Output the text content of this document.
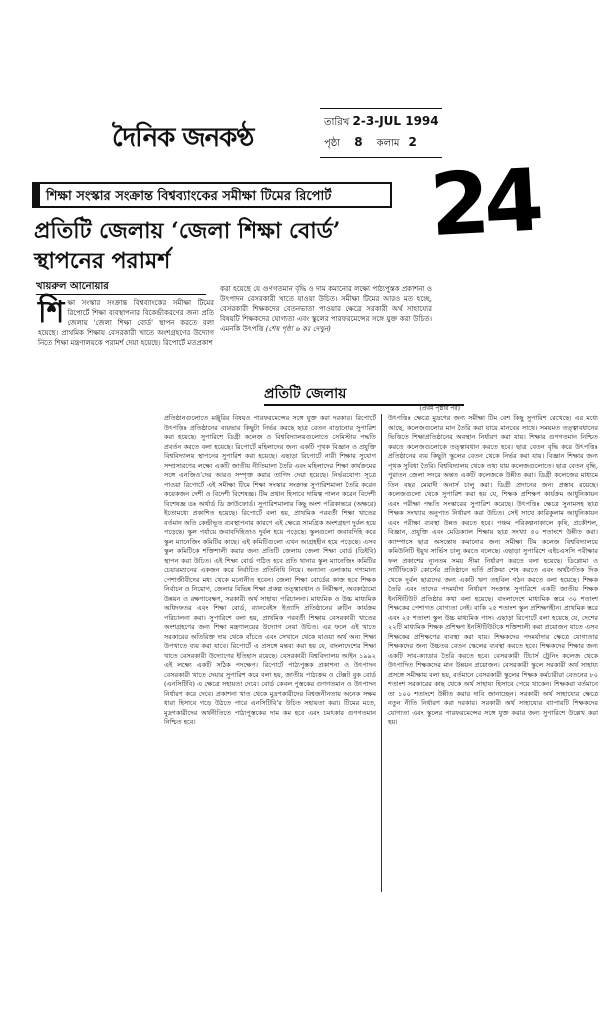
দৈনিক জনকণ্ঠ
তারিখ 2-3-JUL 1994
পৃষ্ঠা 8 কলাম 2
24
শিক্ষা সংস্কার সংক্রান্ত বিশ্বব্যাংকের সমীক্ষা টিমের রিপোর্ট
প্রতিটি জেলায় ‘জেলা শিক্ষা বোর্ড’ স্থাপনের পরামর্শ
খায়রুল আনোয়ার
শি ক্ষা সংস্কার সংক্রান্ত বিশ্বব্যাংকের সমীক্ষা টিমের রিপোর্টে শিক্ষা ব্যবস্থাপনার বিকেন্দ্রীকরণের জন্য প্রতি জেলায় 'জেলা শিক্ষা বোর্ড' স্থাপন করতে বলা হয়েছে। প্রাথমিক শিক্ষায় বেসরকারী খাতে অংশগ্রহণের উদ্যোগ নিতে শিক্ষা মন্ত্রণালয়কে পরামর্শ দেয়া হয়েছে। রিপোর্টে মতপ্রকাশ
করা হয়েছে যে গুণগতমান বৃদ্ধি ও দাম কমানোর লক্ষ্যে পাঠ্যপুস্তক প্রকাশনা ও উৎপাদন বেসরকারী খাতে যাওয়া উচিত। সমীক্ষা টিমের আরও মত হচ্ছে, বেসরকারী শিক্ষকদের বেতনভাতা পাওয়ার ক্ষেত্রে সরকারী অর্থ সাহায্যের বিষয়টি শিক্ষকদের যোগ্যতা এবং স্কুলের পারফরমেন্সের সঙ্গে যুক্ত করা উচিত। এমনকি উৎপত্তি (শেষ পৃষ্ঠা ৬ কঃ দেখুন)
প্রতিটি জেলায়
(প্রথম পৃষ্ঠার পর)
প্রতিষ্ঠানগুলোতে মঞ্জুরির বিষয়ও পারফরমেন্সের সঙ্গে যুক্ত করা দরকার। রিপোর্টে উৎপত্তিঃ প্রতিষ্ঠানের ব্যয়ভার কিছুটা নির্ভর করছে ছাত্র বেতন বাড়ানোর সুপারিশ করা হয়েছে। সুপারিশে ডিগ্রী কলেজ ও বিশ্ববিদ্যালয়গুলোতে সেমিস্টার পদ্ধতি প্রবর্তন করতে বলা হয়েছে। রিপোর্টে মহিলাদের জন্য একটি পৃথক বিজ্ঞান ও প্রযুক্তি বিশ্ববিদ্যালয় স্থাপনের সুপারিশ করা হয়েছে। এছাড়া রিপোর্টে নারী শিক্ষার সুযোগ সম্প্রসারণের লক্ষ্যে একটি জাতীয় নীতিমালা তৈরি এবং মহিলাদের শিক্ষা কার্যক্রমের সঙ্গে এনজিও'দের আরও সম্পৃক্ত করার তাগিদ দেয়া হয়েছে। নির্ভরযোগ্য সূত্রে পাওয়া রিপোর্টে এই সমীক্ষা টিমে শিক্ষা সংস্কার সংক্রান্ত সুপারিশমালা তৈরি করেন কয়েকজন দেশী ও বিদেশী বিশেষজ্ঞ। টিম প্রধান হিসাবে দায়িত্ব পালন করেন বিদেশী বিশেষজ্ঞ ডঃ অর্থার্ড ডি ক্রাউফোর্ড। সুপারিশমালার কিছু অংশ পত্রিকান্তরে (অক্ষরে) ইতোমধ্যে প্রকাশিত হয়েছে। রিপোর্টে বলা হয়, প্রাথমিক পরবর্তী শিক্ষা খাতের বর্তমান অতি কেন্দ্রীভূত ব্যবস্থাপনার কারণে এই ক্ষেত্রে সামগ্রিক অংশগ্রহণ দুর্বল হয়ে পড়েছে। স্কুল পর্যায়ে জবাবদিহিতাও দুর্বল হয়ে পড়েছে। স্কুলগুলো জবাবদিহি করে স্কুল ম্যানেজিং কমিটির কাছে। এই কমিটিগুলো এখন আগ্রহহীন হয়ে পড়েছে। এসব স্কুল কমিটিকে শক্তিশালী করার জন্য প্রতিটি জেলায় জেলা শিক্ষা বোর্ড (ডিইবি) স্থাপন করা উচিত। এই শিক্ষা বোর্ড গঠিত হবে প্রতি থানার স্কুল ম্যানেজিং কমিটির চেয়ারম্যানের একজন করে নির্বাচিত প্রতিনিধি নিয়ে। অন্যান্য এলাকায় গণ্যমান্য পেশাজীবীদের মধ্য থেকে মনোনীত হবেন। জেলা শিক্ষা বোর্ডের কাজ হবে শিক্ষক নির্বাচন ও নিয়োগ, জেলার বিভিন্ন শিক্ষা প্রকল্প তত্ত্বাবধান ও নিরীক্ষণ, অবকাঠামো উন্নয়ন ও রক্ষণাবেক্ষণ, সরকারী অর্থ সাহায্য পরিচালনা। মাধ্যমিক ও উচ্চ মাধ্যমিক অধিদফতর এবং শিক্ষা বোর্ড, ব্যানবেইস ইত্যাদি প্রতিষ্ঠানের রুটিন কার্যক্রম পরিচালনা করা। সুপারিশে বলা হয়, প্রাথমিক পরবর্তী শিক্ষায় বেসরকারী খাতের অংশগ্রহণের জন্য শিক্ষা মন্ত্রণালয়ের উদ্যোগ নেয়া উচিত। এর ফলে এই খাতে সরকারের অতিরিক্ত দায় থেকে বাঁচতে এবং সেখানে থেকে যাওয়া অর্থ অন্য শিক্ষা উপখাতে ব্যয় করা যাবে। রিপোর্টে এ প্রসঙ্গে মন্তব্য করা হয় যে, বাংলাদেশের শিক্ষা খাতে বেসরকারী উদ্যোগের ইতিহাস রয়েছে। বেসরকারী বিশ্ববিদ্যালয় আইন ১৯৯২ এই লক্ষ্যে একটি সঠিক পদক্ষেপ। রিপোর্টে পাঠ্যপুস্তক প্রকাশনা ও উৎপাদন বেসরকারী খাতে দেয়ার সুপারিশ করে বলা হয়, জাতীয় পাঠ্যক্রম ও টেক্সট বুক বোর্ড (এনসিটিবি) এ ক্ষেত্রে সহায়তা দেবে। বোর্ড কেবল পুস্তকের গুণগতমান ও উৎপাদন নির্ধারণ করে দেবে। প্রকাশনা খাত থেকে মুদ্রণকারীদের বিশ্বজনীনতায় অনেক সক্ষম ধারা হিসাবে গড়ে উঠতে পারে এনসিটিবি'র উচিত সহায়তা করা। টিমের মতে, মুদ্রণকারীদের অর্থনীতিতে পাঠ্যপুস্তকের দাম কম হবে এবং চমৎকার গুণগতমান নিশ্চিত হবে।
উৎপত্তিঃ ক্ষেত্রে মুদ্রণের জন্য সমীক্ষা টিম বেশ কিছু সুপারিশ রেখেছে। এর মধ্যে আছে, কলেজগুলোর মান তৈরি করা যায়ে মানবের সাথে। সময়মত তত্ত্বাবধানের ভিত্তিতে শিক্ষাপ্রতিষ্ঠানের অবস্থান নির্ধারণ করা যায়। শিক্ষার গুণগতমান নিশ্চিত করতে কলেজগুলোকে তত্ত্বাবধান করতে হবে। ছাত্র বেতন বৃদ্ধি করে উৎপত্তিঃ প্রতিষ্ঠানের ব্যয় কিছুটা স্কুলের বেতন থেকে নির্ভর করা যায়। বিজ্ঞান শিক্ষার জন্য পৃথক সুবিধা তৈরি। বিশ্ববিদ্যালয় থেকে তথ্য যায় কলেজগুলোতে। ছাত্র বেতন বৃদ্ধি, পুরাতন জেলা সদরে অন্তত একটি কলেজকে উন্নীত করা। ডিগ্রী কলেজের মাধ্যমে তিন বছর মেয়াদী অনার্স চালু করা। ডিগ্রী প্রদানের জন্য প্রস্তাব রয়েছে। কলেজগুলো থেকে সুপারিশ করা হয় যে, শিক্ষক প্রশিক্ষণ কার্যক্রম আধুনিকায়ন এবং পরীক্ষা পদ্ধতি সংস্কারের সুপারিশ করেছে। উৎপত্তিঃ ক্ষেত্রে সুনামসহ ছাত্র শিক্ষক সংখ্যার অনুপাত নির্ধারণ করা উচিত। সেই সাথে কারিকুলাম আধুনিকায়ন এবং পরীক্ষা ব্যবস্থা উন্নত করতে হবে। পঞ্চম পরিকল্পনাকালে কৃষি, প্রকৌশল, বিজ্ঞান, প্রযুক্তি এবং মেডিক্যাল শিক্ষায় ছাত্র সংখ্যা ৫০ শতাংশে উন্নীত করা। ক্যাম্পাসে ছাত্র অসন্তোষ কমানোর জন্য সমীক্ষা টিম কলেজ বিশ্ববিদ্যালয়ে কমিউনিটি ইয়ুথ সার্ভিস চালু করতে বলেছে। এছাড়া সুপারিশে এইচএসসি পরীক্ষার ফল প্রকাশের ন্যূনতম সময় সীমা নির্ধারণ করতে বলা হয়েছে। ডিপ্লোমা ও সার্টিফিকেট কোর্সের প্রতিষ্ঠানে ভর্তি প্রক্রিয়া শেষ করতে এবং অর্থনৈতিক দিক থেকে দুর্বল ছাত্রদের জন্য একটি ঋণ তহবিল গঠন করতে বলা হয়েছে। শিক্ষক তৈরি এবং তাদের পদমর্যাদা নির্ধারণ সংক্রান্ত সুপারিশে একটি জাতীয় শিক্ষক ইনস্টিটিউট প্রতিষ্ঠার কথা বলা হয়েছে। বাংলাদেশে মাধ্যমিক স্তরে ৩০ শতাংশ শিক্ষকের পেশাগত যোগ্যতা নেই। বাকি ২৫ শতাংশ স্কুল প্রশিক্ষণহীন। প্রাথমিক স্তরে এবং ২৫ শতাংশ স্কুল উচ্চ মাধ্যমিক পাস। এছাড়া রিপোর্টে বলা হয়েছে যে, দেশের ২২টি মাধ্যমিক শিক্ষক প্রশিক্ষণ ইনস্টিটিউটকে শক্তিশালী করা প্রয়োজন যাতে এসব শিক্ষকের প্রশিক্ষণের ব্যবস্থা করা যায়। শিক্ষকদের পদমর্যাদার ক্ষেত্রে যোগ্যতার শিক্ষকদের জন্য উচ্চতর বেতন স্কেলের ব্যবস্থা করতে হবে। শিক্ষকদের শিক্ষার জন্য একটি সাব-ক্যাডার তৈরি করতে হবে। বেসরকারী টিচার্স ট্রেনিং কলেজ থেকে উৎপাদিত শিক্ষকদের মান উন্নয়ন প্রয়োজন। বেসরকারী স্কুলে সরকারী অর্থ সাহায্য প্রসঙ্গে সমীক্ষায় বলা হয়, বর্তমানে বেসরকারী স্কুলের শিক্ষক কর্মচারীরা বেতনের ৮০ শতাংশ সরকারের কাছ থেকে অর্থ সাহায্য হিসাবে পেয়ে থাকেন। শিক্ষকরা বর্তমানে তা ১০০ শতাংশে উন্নীত করার দাবি জানাচ্ছেন। সরকারী অর্থ সাহায্যের ক্ষেত্রে নতুন নীতি নির্ধারণ করা দরকার। সরকারী অর্থ সাহায্যের ব্যাপারটি শিক্ষকদের যোগ্যতা এবং স্কুলের পারফরমেন্সের সঙ্গে যুক্ত করার জন্য সুপারিশে উল্লেখ করা হয়।
